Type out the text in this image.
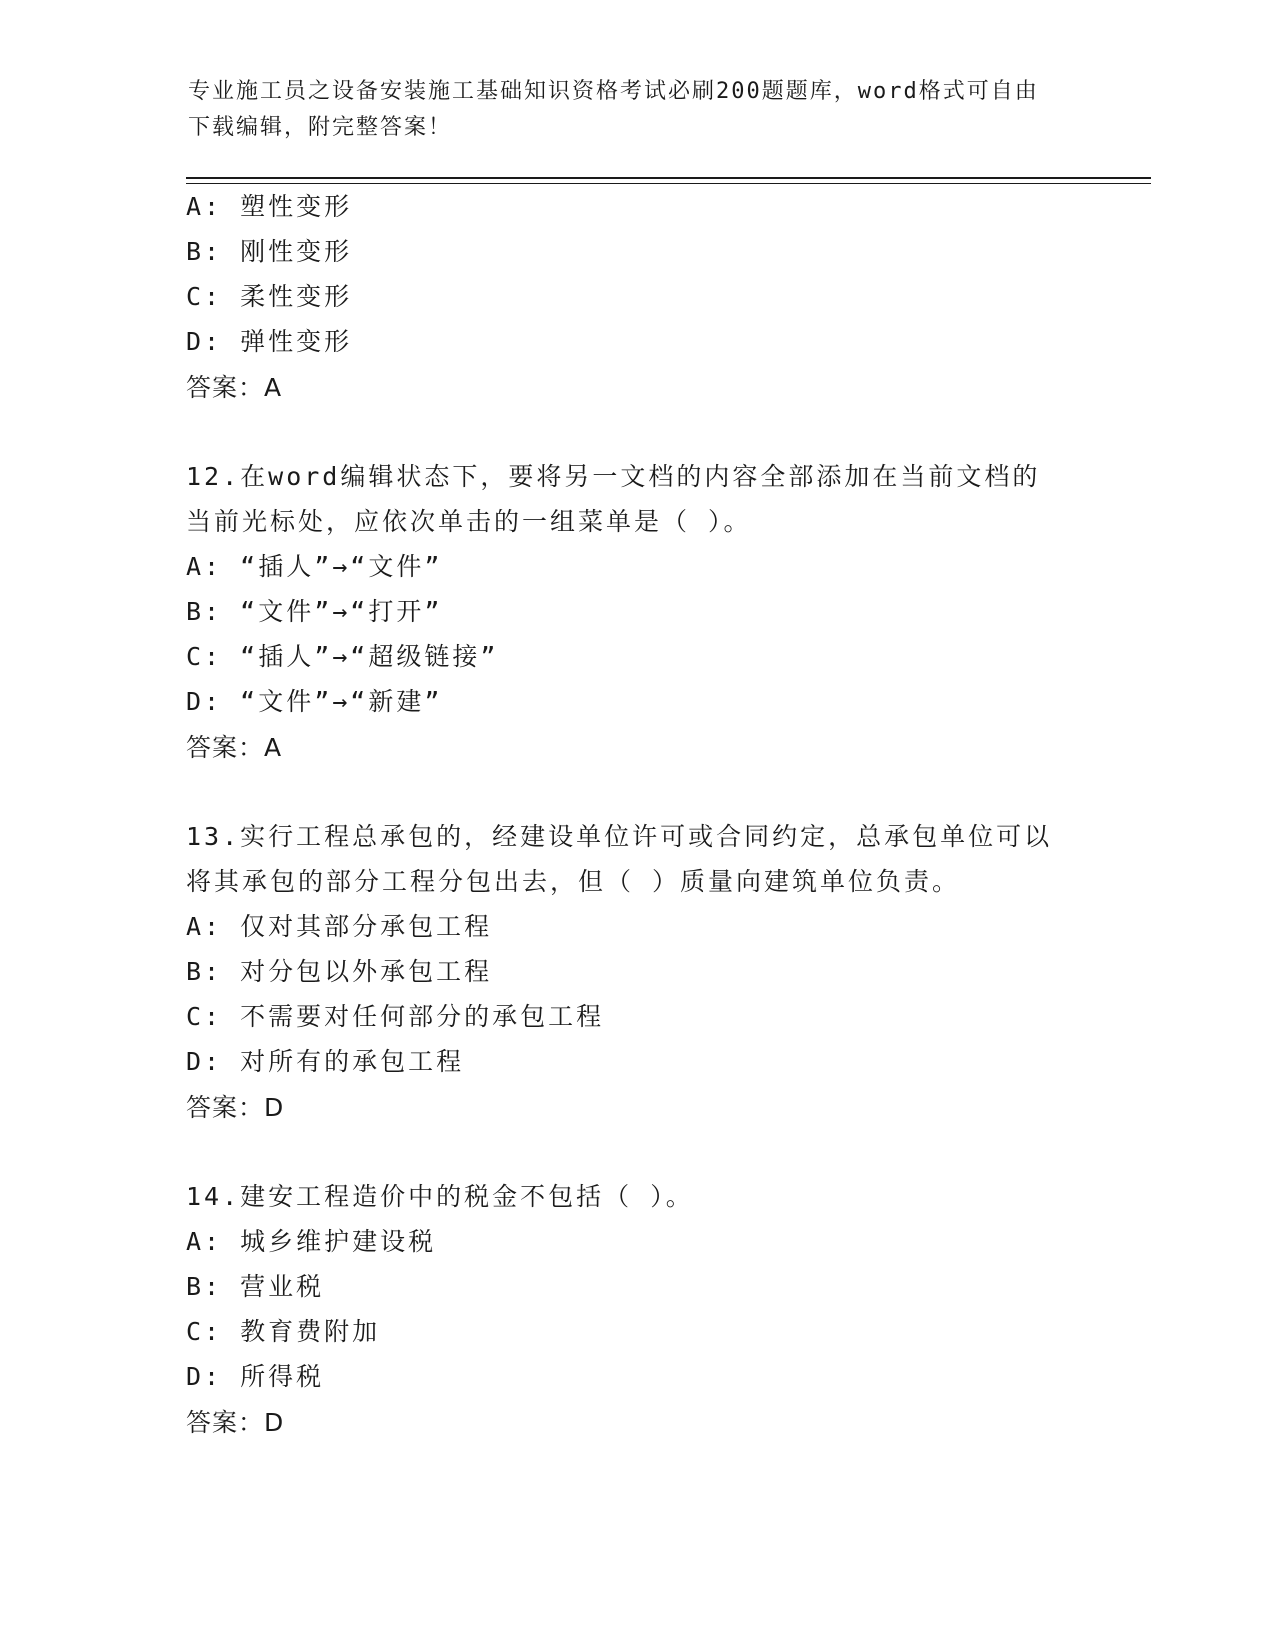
专业施工员之设备安装施工基础知识资格考试必刷200题题库，word格式可自由
下载编辑，附完整答案！
A: 塑性变形
B: 刚性变形
C: 柔性变形
D: 弹性变形
答案：A
12.在word编辑状态下，要将另一文档的内容全部添加在当前文档的
当前光标处，应依次单击的一组菜单是（ ）。
A: “插人”→“文件”
B: “文件”→“打开”
C: “插人”→“超级链接”
D: “文件”→“新建”
答案：A
13.实行工程总承包的，经建设单位许可或合同约定，总承包单位可以
将其承包的部分工程分包出去，但（ ）质量向建筑单位负责。
A: 仅对其部分承包工程
B: 对分包以外承包工程
C: 不需要对任何部分的承包工程
D: 对所有的承包工程
答案：D
14.建安工程造价中的税金不包括（ ）。
A: 城乡维护建设税
B: 营业税
C: 教育费附加
D: 所得税
答案：D
